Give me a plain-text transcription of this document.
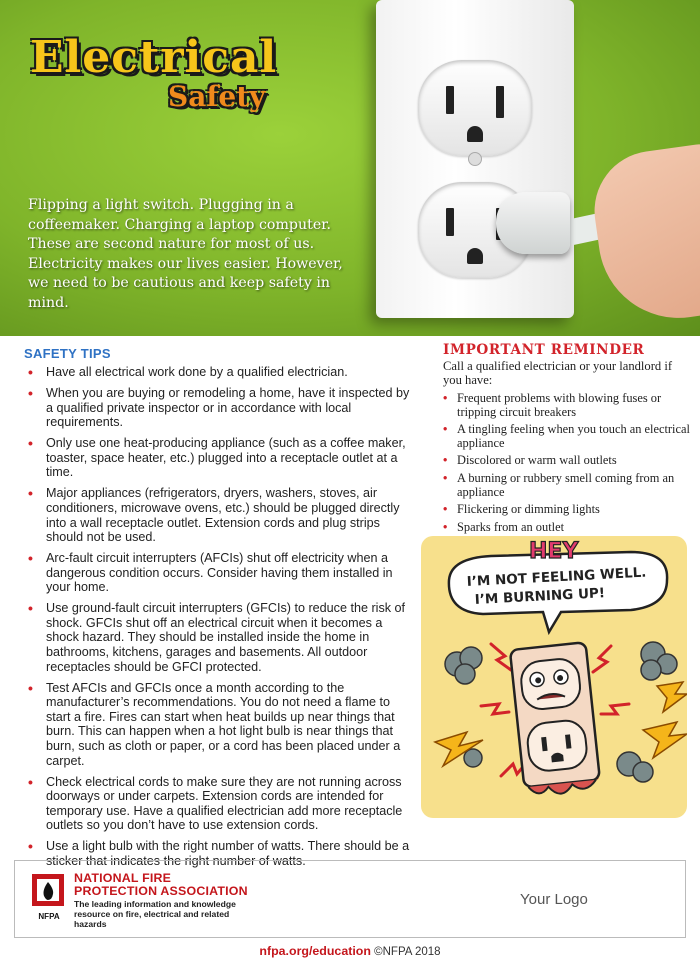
Electrical
Safety
Flipping a light switch. Plugging in a coffeemaker. Charging a laptop computer. These are second nature for most of us. Electricity makes our lives easier. However, we need to be cautious and keep safety in mind.
SAFETY TIPS
• Have all electrical work done by a qualified electrician.
• When you are buying or remodeling a home, have it inspected by a qualified private inspector or in accordance with local requirements.
• Only use one heat-producing appliance (such as a coffee maker, toaster, space heater, etc.) plugged into a receptacle outlet at a time.
• Major appliances (refrigerators, dryers, washers, stoves, air conditioners, microwave ovens, etc.) should be plugged directly into a wall receptacle outlet. Extension cords and plug strips should not be used.
• Arc-fault circuit interrupters (AFCIs) shut off electricity when a dangerous condition occurs. Consider having them installed in your home.
• Use ground-fault circuit interrupters (GFCIs) to reduce the risk of shock. GFCIs shut off an electrical circuit when it becomes a shock hazard. They should be installed inside the home in bathrooms, kitchens, garages and basements. All outdoor receptacles should be GFCI protected.
• Test AFCIs and GFCIs once a month according to the manufacturer’s recommendations. You do not need a flame to start a fire. Fires can start when heat builds up near things that burn. This can happen when a hot light bulb is near things that burn, such as cloth or paper, or a cord has been placed under a carpet.
• Check electrical cords to make sure they are not running across doorways or under carpets. Extension cords are intended for temporary use. Have a qualified electrician add more receptacle outlets so you don’t have to use extension cords.
• Use a light bulb with the right number of watts. There should be a
IMPORTANT REMINDER
Call a qualified electrician or your landlord if you have:
• Frequent problems with blowing fuses or tripping circuit breakers
• A tingling feeling when you touch an electrical appliance
• Discolored or warm wall outlets
• A burning or rubbery smell coming from an appliance
• Flickering or dimming lights
• Sparks from an outlet
HEY
I’M NOT FEELING WELL.
I’M BURNING UP!
NFPA
NATIONAL FIRE
PROTECTION ASSOCIATION
The leading information and knowledge resource on fire, electrical and related hazards
Your Logo
nfpa.org/education ©NFPA 2018
